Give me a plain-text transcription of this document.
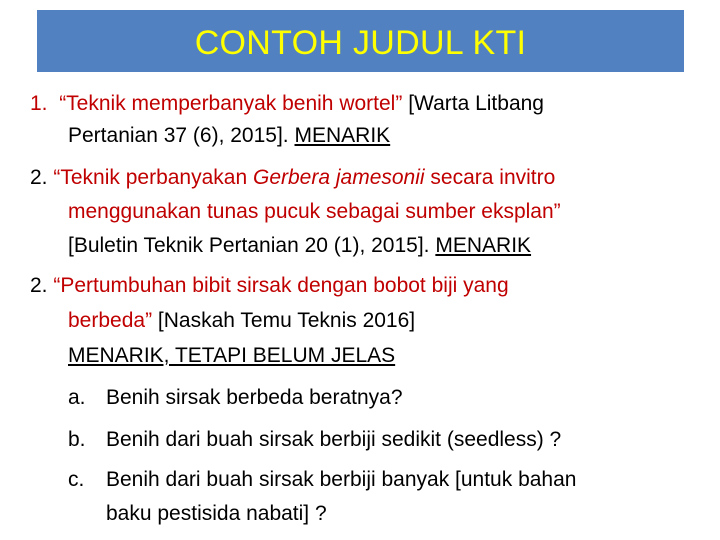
CONTOH JUDUL KTI
1. “Teknik memperbanyak benih wortel” [Warta Litbang
Pertanian 37 (6), 2015]. MENARIK
2. “Teknik perbanyakan Gerbera jamesonii secara invitro
menggunakan tunas pucuk sebagai sumber eksplan”
[Buletin Teknik Pertanian 20 (1), 2015]. MENARIK
2. “Pertumbuhan bibit sirsak dengan bobot biji yang
berbeda” [Naskah Temu Teknis 2016]
MENARIK, TETAPI BELUM JELAS
a. Benih sirsak berbeda beratnya?
b. Benih dari buah sirsak berbiji sedikit (seedless) ?
c. Benih dari buah sirsak berbiji banyak [untuk bahan
baku pestisida nabati] ?
